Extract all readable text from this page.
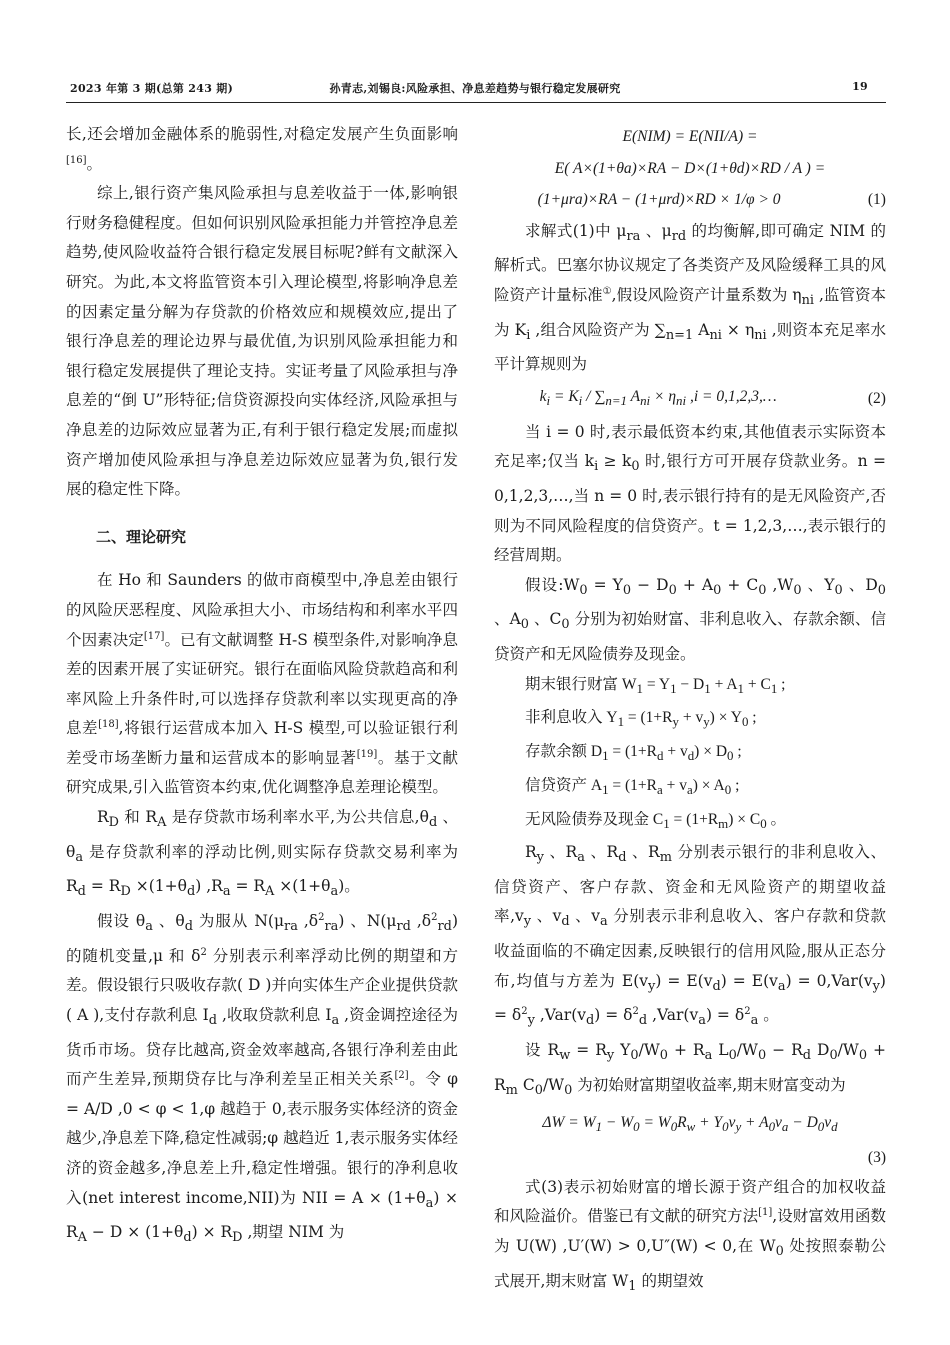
2023 年第 3 期(总第 243 期)	孙青志,刘锡良:风险承担、净息差趋势与银行稳定发展研究	19

长,还会增加金融体系的脆弱性,对稳定发展产生负面影响[16]。

综上,银行资产集风险承担与息差收益于一体,影响银行财务稳健程度。但如何识别风险承担能力并管控净息差趋势,使风险收益符合银行稳定发展目标呢?鲜有文献深入研究。为此,本文将监管资本引入理论模型,将影响净息差的因素定量分解为存贷款的价格效应和规模效应,提出了银行净息差的理论边界与最优值,为识别风险承担能力和银行稳定发展提供了理论支持。实证考量了风险承担与净息差的“倒 U”形特征;信贷资源投向实体经济,风险承担与净息差的边际效应显著为正,有利于银行稳定发展;而虚拟资产增加使风险承担与净息差边际效应显著为负,银行发展的稳定性下降。

二、理论研究

在 Ho 和 Saunders 的做市商模型中,净息差由银行的风险厌恶程度、风险承担大小、市场结构和利率水平四个因素决定[17]。已有文献调整 H-S 模型条件,对影响净息差的因素开展了实证研究。银行在面临风险贷款趋高和利率风险上升条件时,可以选择存贷款利率以实现更高的净息差[18],将银行运营成本加入 H-S 模型,可以验证银行利差受市场垄断力量和运营成本的影响显著[19]。基于文献研究成果,引入监管资本约束,优化调整净息差理论模型。

$R_D$ 和 $R_A$ 是存贷款市场利率水平,为公共信息$,\theta_d$ 、$\theta_a$ 是存贷款利率的浮动比例,则实际存贷款交易利率为 $R_d = R_D \times(1+\theta_d) ,R_a = R_A \times(1+\theta_a)$。

假设 $\theta_a$ 、$\theta_d$ 为服从 $N(\mu_{ra}$ $,\delta^2_{ra}$) 、$N(\mu_{rd}$ $,\delta^2_{rd}$) 的随机变量,μ 和 $\delta^2$ 分别表示利率浮动比例的期望和方差。假设银行只吸收存款( D )并向实体生产企业提供贷款( A ),支付存款利息 $I_d$ ,收取贷款利息 $I_a$ ,资金调控途径为货币市场。贷存比越高,资金效率越高,各银行净利差由此而产生差异,预期贷存比与净利差呈正相关关系[2]。令 φ = A/D ,0 < φ < 1,φ 越趋于 0,表示服务实体经济的资金越少,净息差下降,稳定性减弱;φ 越趋近 1,表示服务实体经济的资金越多,净息差上升,稳定性增强。银行的净利息收入(net interest income,NII)为 NII = $A \times (1+\theta_a) \times R_A - D \times (1+\theta_d) \times R_D$ ,期望 NIM 为

E(NIM) = E(NII/A) =
E( A×(1+θa)×RA − D×(1+θd)×RD / A ) =
(1+μra)×RA − (1+μrd)×RD × 1/φ > 0	(1)

求解式(1)中 $\mu_{ra}$ 、$\mu_{rd}$ 的均衡解,即可确定 NIM 的解析式。巴塞尔协议规定了各类资产及风险缓释工具的风险资产计量标准①,假设风险资产计量系数为 $\eta_{ni}$ ,监管资本为 $K_i$ ,组合风险资产为 $\sum_{n=1}$ $A_{ni} \times \eta_{ni}$ ,则资本充足率水平计算规则为

$k_i = K_i / \sum_{n=1}$ $A_{ni} \times \eta_{ni}$ ,i = 0,1,2,3,…	(2)

当 i = 0 时,表示最低资本约束,其他值表示实际资本充足率;仅当 $k_i \ge k_0$ 时,银行方可开展存贷款业务。n = 0,1,2,3,…,当 n = 0 时,表示银行持有的是无风险资产,否则为不同风险程度的信贷资产。t = 1,2,3,…,表示银行的经营周期。

假设$:W_0 = Y_0 - D_0 + A_0 + C_0$ $,W_0$ 、$Y_0$ 、$D_0$ 、$A_0$ 、$C_0$ 分别为初始财富、非利息收入、存款余额、信贷资产和无风险债券及现金。

期末银行财富 $W_1 = Y_1 - D_1 + A_1 + C_1$ ;
非利息收入 $Y_1 = (1+R_y + v_y) \times Y_0$ ;
存款余额 $D_1 = (1+R_d + v_d) \times D_0$ ;
信贷资产 $A_1 = (1+R_a + v_a) \times A_0$ ;
无风险债券及现金 $C_1 = (1+R_m) \times C_0$ 。

$R_y$ 、$R_a$ 、$R_d$ 、$R_m$ 分别表示银行的非利息收入、信贷资产、客户存款、资金和无风险资产的期望收益率$,v_y$ 、$v_d$ 、$v_a$ 分别表示非利息收入、客户存款和贷款收益面临的不确定因素,反映银行的信用风险,服从正态分布,均值与方差为 $E(v_y) = E(v_d) = E(v_a) = 0,Var(v_y) = \delta^2_y$ $,Var(v_d) = \delta^2_d$ $,Var(v_a) = \delta^2_a$ 。

设 $R_w = R_y$ $Y_0/W_0 + R_a$ $L_0/W_0 - R_d$ $D_0/W_0 + R_m$ $C_0/W_0$ 为初始财富期望收益率,期末财富变动为

$\Delta W = W_1 - W_0 = W_0R_w + Y_0v_y + A_0v_a - D_0v_d$
(3)

式(3)表示初始财富的增长源于资产组合的加权收益和风险溢价。借鉴已有文献的研究方法[1],设财富效用函数为 U(W) ,U′(W) > 0,U″(W) < 0,在 $W_0$ 处按照泰勒公式展开,期末财富 $W_1$ 的期望效
